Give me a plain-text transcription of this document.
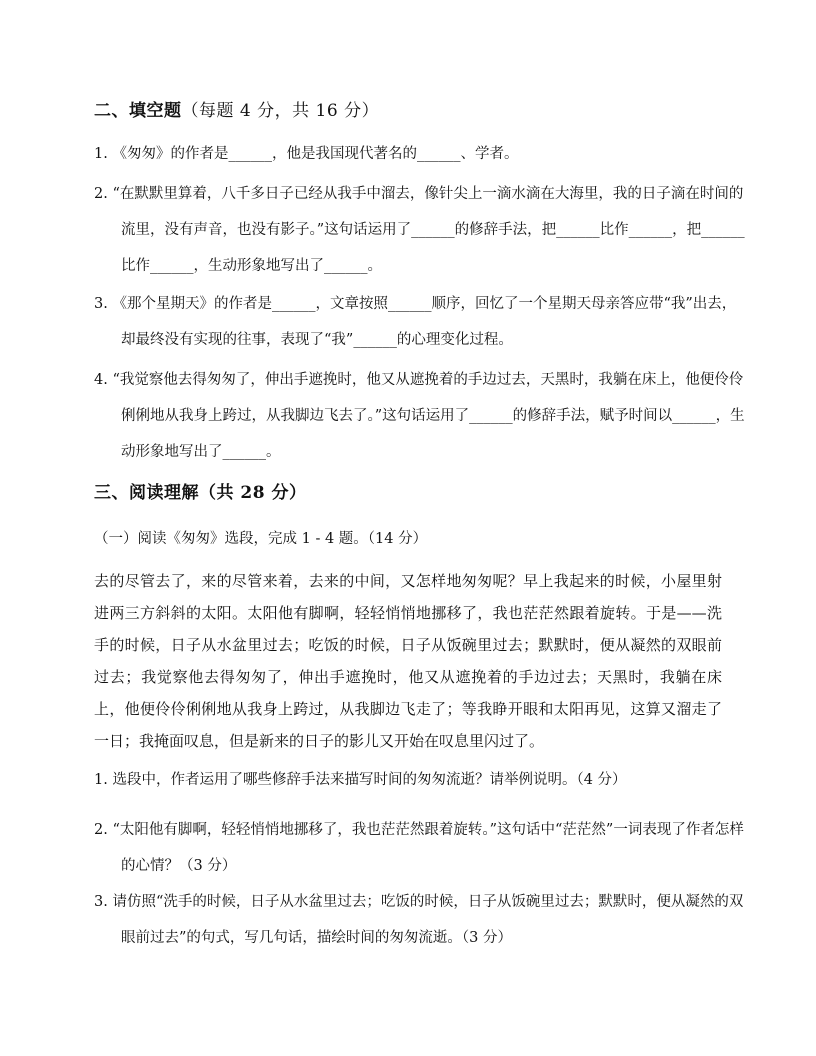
二、填空题（每题 4 分，共 16 分）
1. 《匆匆》的作者是______，他是我国现代著名的______、学者。
2. “在默默里算着，八千多日子已经从我手中溜去，像针尖上一滴水滴在大海里，我的日子滴在时间的流里，没有声音，也没有影子。”这句话运用了______的修辞手法，把______比作______，把______比作______，生动形象地写出了______。
3. 《那个星期天》的作者是______，文章按照______顺序，回忆了一个星期天母亲答应带“我”出去，却最终没有实现的往事，表现了“我”______的心理变化过程。
4. “我觉察他去得匆匆了，伸出手遮挽时，他又从遮挽着的手边过去，天黑时，我躺在床上，他便伶伶俐俐地从我身上跨过，从我脚边飞去了。”这句话运用了______的修辞手法，赋予时间以______，生动形象地写出了______。
三、阅读理解（共 28 分）
（一）阅读《匆匆》选段，完成 1 - 4 题。（14 分）
去的尽管去了，来的尽管来着，去来的中间，又怎样地匆匆呢？早上我起来的时候，小屋里射进两三方斜斜的太阳。太阳他有脚啊，轻轻悄悄地挪移了，我也茫茫然跟着旋转。于是——洗手的时候，日子从水盆里过去；吃饭的时候，日子从饭碗里过去；默默时，便从凝然的双眼前过去；我觉察他去得匆匆了，伸出手遮挽时，他又从遮挽着的手边过去；天黑时，我躺在床上，他便伶伶俐俐地从我身上跨过，从我脚边飞走了；等我睁开眼和太阳再见，这算又溜走了一日；我掩面叹息，但是新来的日子的影儿又开始在叹息里闪过了。
1. 选段中，作者运用了哪些修辞手法来描写时间的匆匆流逝？请举例说明。（4 分）
2. “太阳他有脚啊，轻轻悄悄地挪移了，我也茫茫然跟着旋转。”这句话中“茫茫然”一词表现了作者怎样的心情？（3 分）
3. 请仿照“洗手的时候，日子从水盆里过去；吃饭的时候，日子从饭碗里过去；默默时，便从凝然的双眼前过去”的句式，写几句话，描绘时间的匆匆流逝。（3 分）
